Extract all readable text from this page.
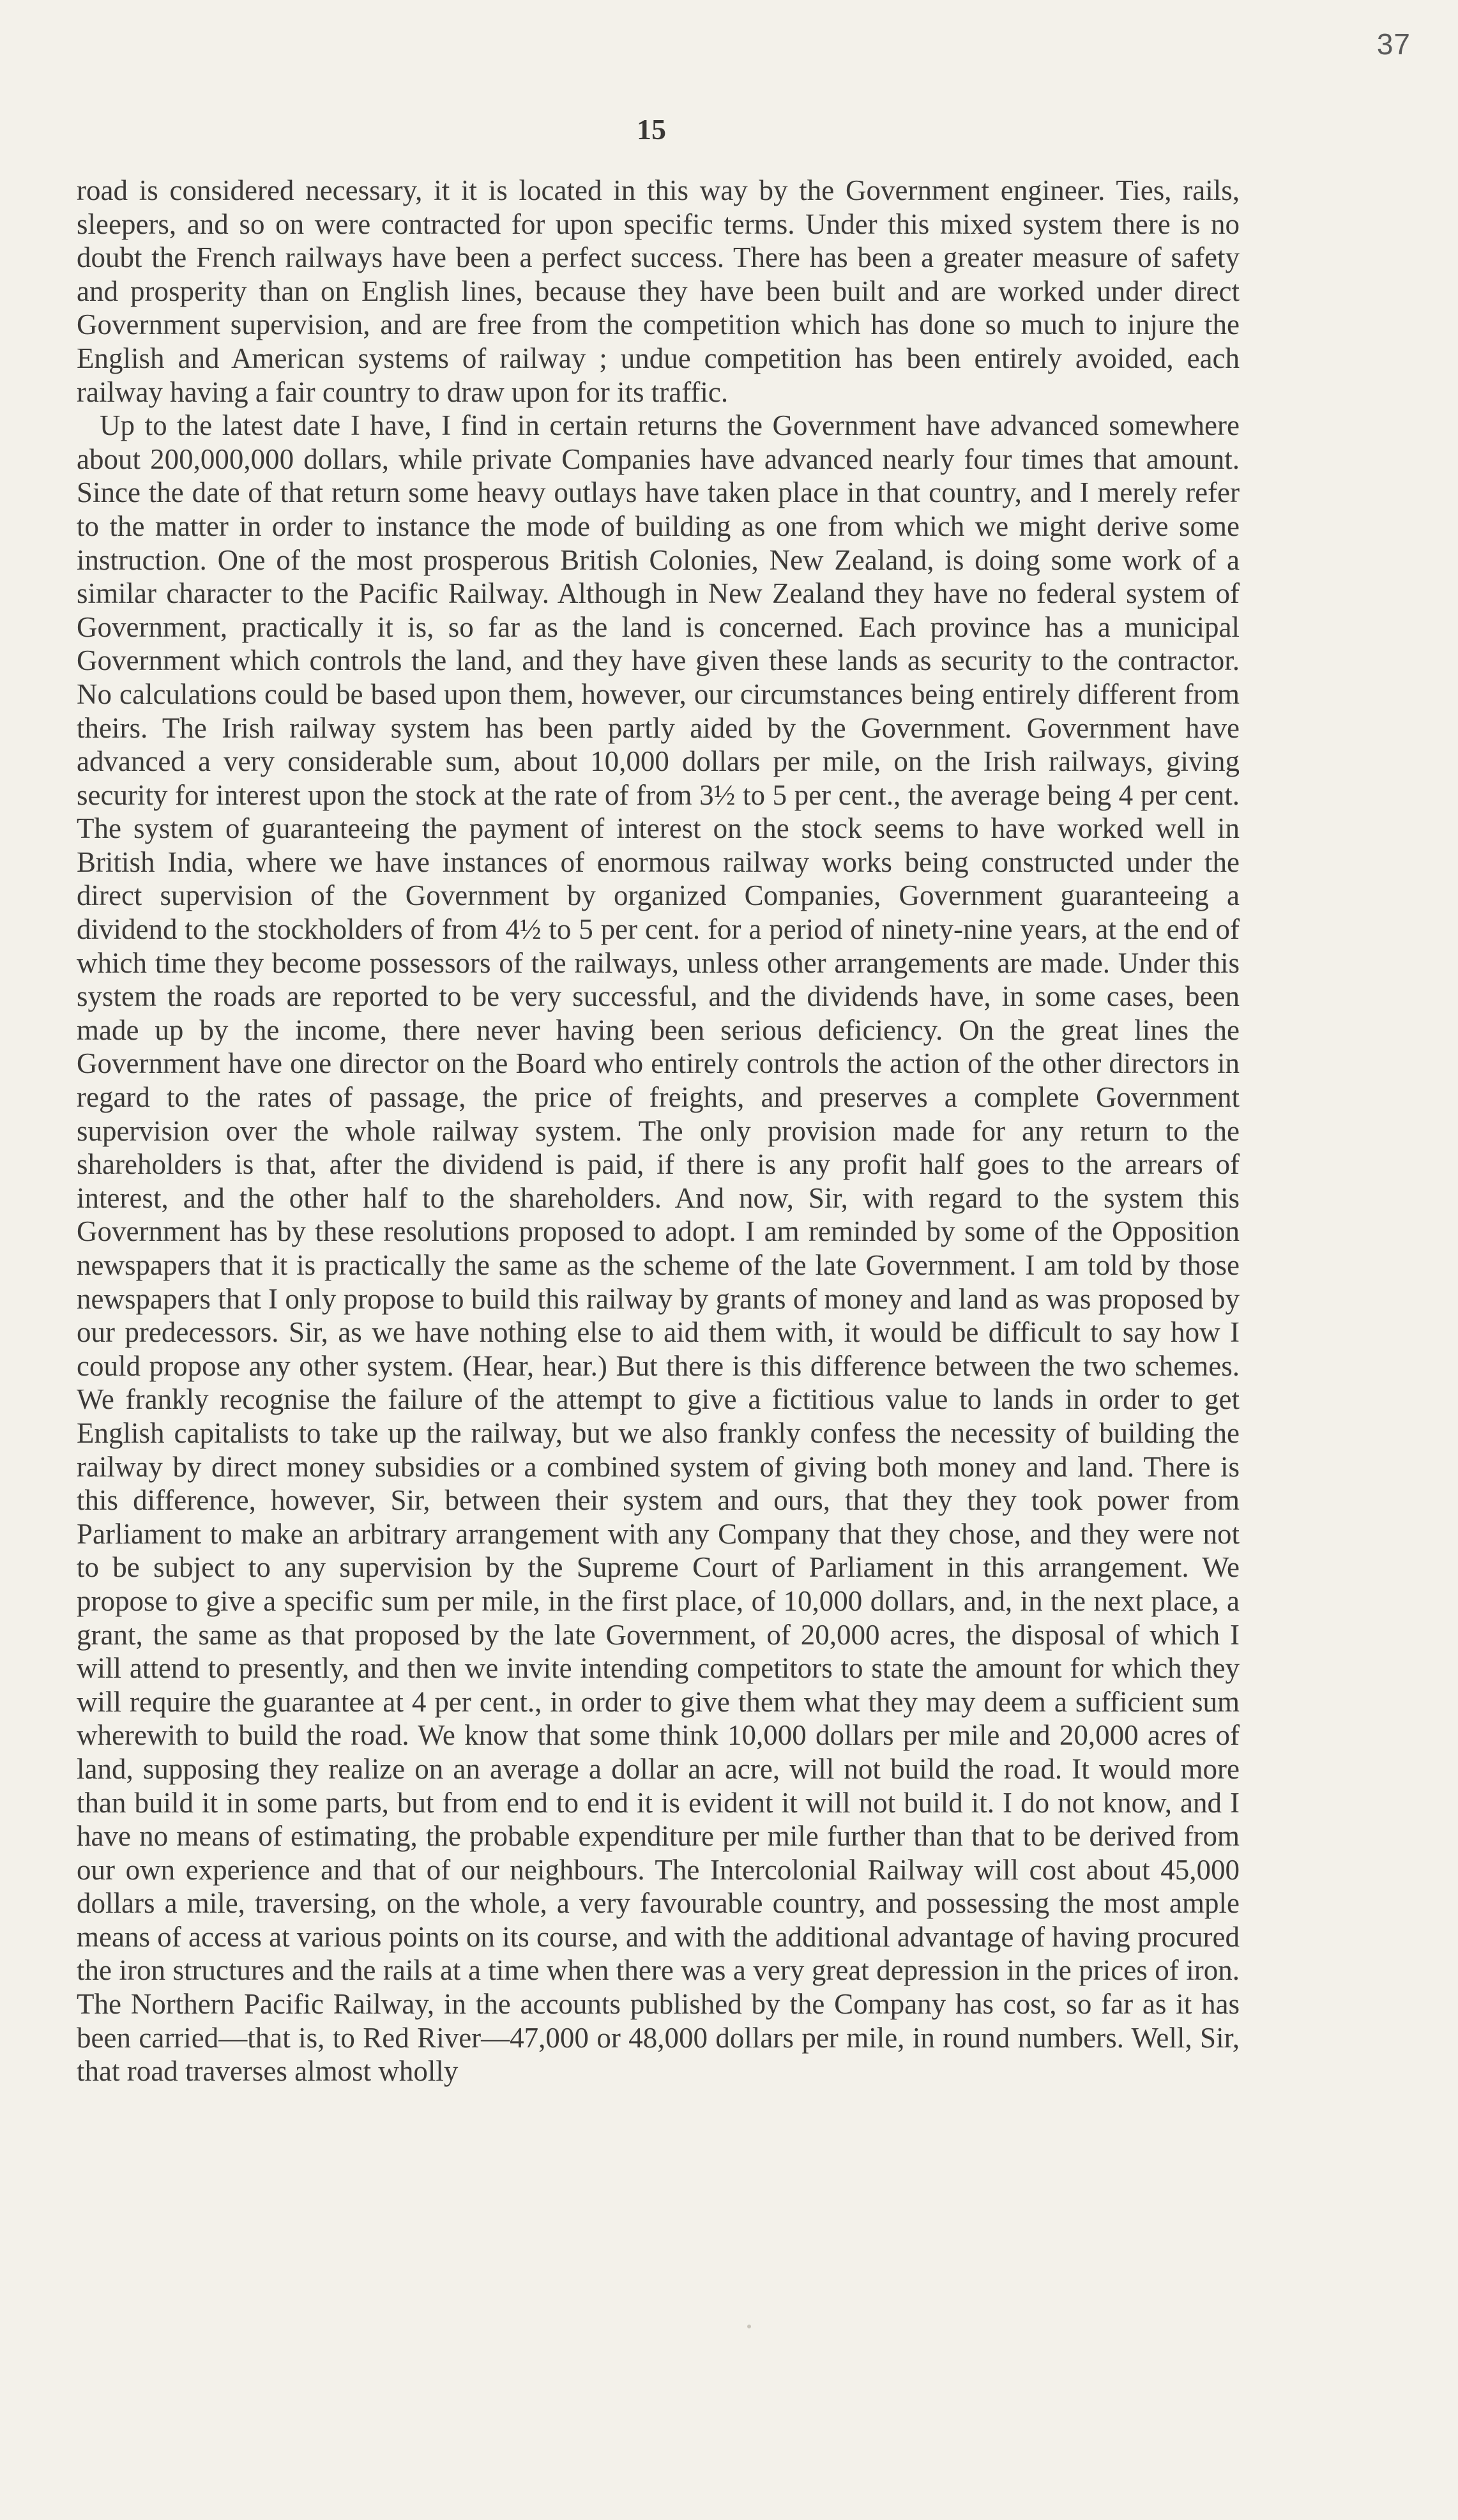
37
15

road is considered necessary, it it is located in this way by the Government engineer. Ties, rails, sleepers, and so on were contracted for upon specific terms. Under this mixed system there is no doubt the French railways have been a perfect success. There has been a greater measure of safety and prosperity than on English lines, because they have been built and are worked under direct Government supervision, and are free from the competition which has done so much to injure the English and American systems of railway ; undue competition has been entirely avoided, each railway having a fair country to draw upon for its traffic.

Up to the latest date I have, I find in certain returns the Government have advanced somewhere about 200,000,000 dollars, while private Companies have advanced nearly four times that amount. Since the date of that return some heavy outlays have taken place in that country, and I merely refer to the matter in order to instance the mode of building as one from which we might derive some instruction. One of the most prosperous British Colonies, New Zealand, is doing some work of a similar character to the Pacific Railway. Although in New Zealand they have no federal system of Government, practically it is, so far as the land is concerned. Each province has a municipal Government which controls the land, and they have given these lands as security to the contractor. No calculations could be based upon them, however, our circumstances being entirely different from theirs. The Irish railway system has been partly aided by the Government. Government have advanced a very considerable sum, about 10,000 dollars per mile, on the Irish railways, giving security for interest upon the stock at the rate of from 3½ to 5 per cent., the average being 4 per cent. The system of guaranteeing the payment of interest on the stock seems to have worked well in British India, where we have instances of enormous railway works being constructed under the direct supervision of the Government by organized Companies, Government guaranteeing a dividend to the stockholders of from 4½ to 5 per cent. for a period of ninety-nine years, at the end of which time they become possessors of the railways, unless other arrangements are made. Under this system the roads are reported to be very successful, and the dividends have, in some cases, been made up by the income, there never having been serious deficiency. On the great lines the Government have one director on the Board who entirely controls the action of the other directors in regard to the rates of passage, the price of freights, and preserves a complete Government supervision over the whole railway system. The only provision made for any return to the shareholders is that, after the dividend is paid, if there is any profit half goes to the arrears of interest, and the other half to the shareholders. And now, Sir, with regard to the system this Government has by these resolutions proposed to adopt. I am reminded by some of the Opposition newspapers that it is practically the same as the scheme of the late Government. I am told by those newspapers that I only propose to build this railway by grants of money and land as was proposed by our predecessors. Sir, as we have nothing else to aid them with, it would be difficult to say how I could propose any other system. (Hear, hear.) But there is this difference between the two schemes. We frankly recognise the failure of the attempt to give a fictitious value to lands in order to get English capitalists to take up the railway, but we also frankly confess the necessity of building the railway by direct money subsidies or a combined system of giving both money and land. There is this difference, however, Sir, between their system and ours, that they they took power from Parliament to make an arbitrary arrangement with any Company that they chose, and they were not to be subject to any supervision by the Supreme Court of Parliament in this arrangement. We propose to give a specific sum per mile, in the first place, of 10,000 dollars, and, in the next place, a grant, the same as that proposed by the late Government, of 20,000 acres, the disposal of which I will attend to presently, and then we invite intending competitors to state the amount for which they will require the guarantee at 4 per cent., in order to give them what they may deem a sufficient sum wherewith to build the road. We know that some think 10,000 dollars per mile and 20,000 acres of land, supposing they realize on an average a dollar an acre, will not build the road. It would more than build it in some parts, but from end to end it is evident it will not build it. I do not know, and I have no means of estimating, the probable expenditure per mile further than that to be derived from our own experience and that of our neighbours. The Intercolonial Railway will cost about 45,000 dollars a mile, traversing, on the whole, a very favourable country, and possessing the most ample means of access at various points on its course, and with the additional advantage of having procured the iron structures and the rails at a time when there was a very great depression in the prices of iron. The Northern Pacific Railway, in the accounts published by the Company has cost, so far as it has been carried—that is, to Red River—47,000 or 48,000 dollars per mile, in round numbers. Well, Sir, that road traverses almost wholly
